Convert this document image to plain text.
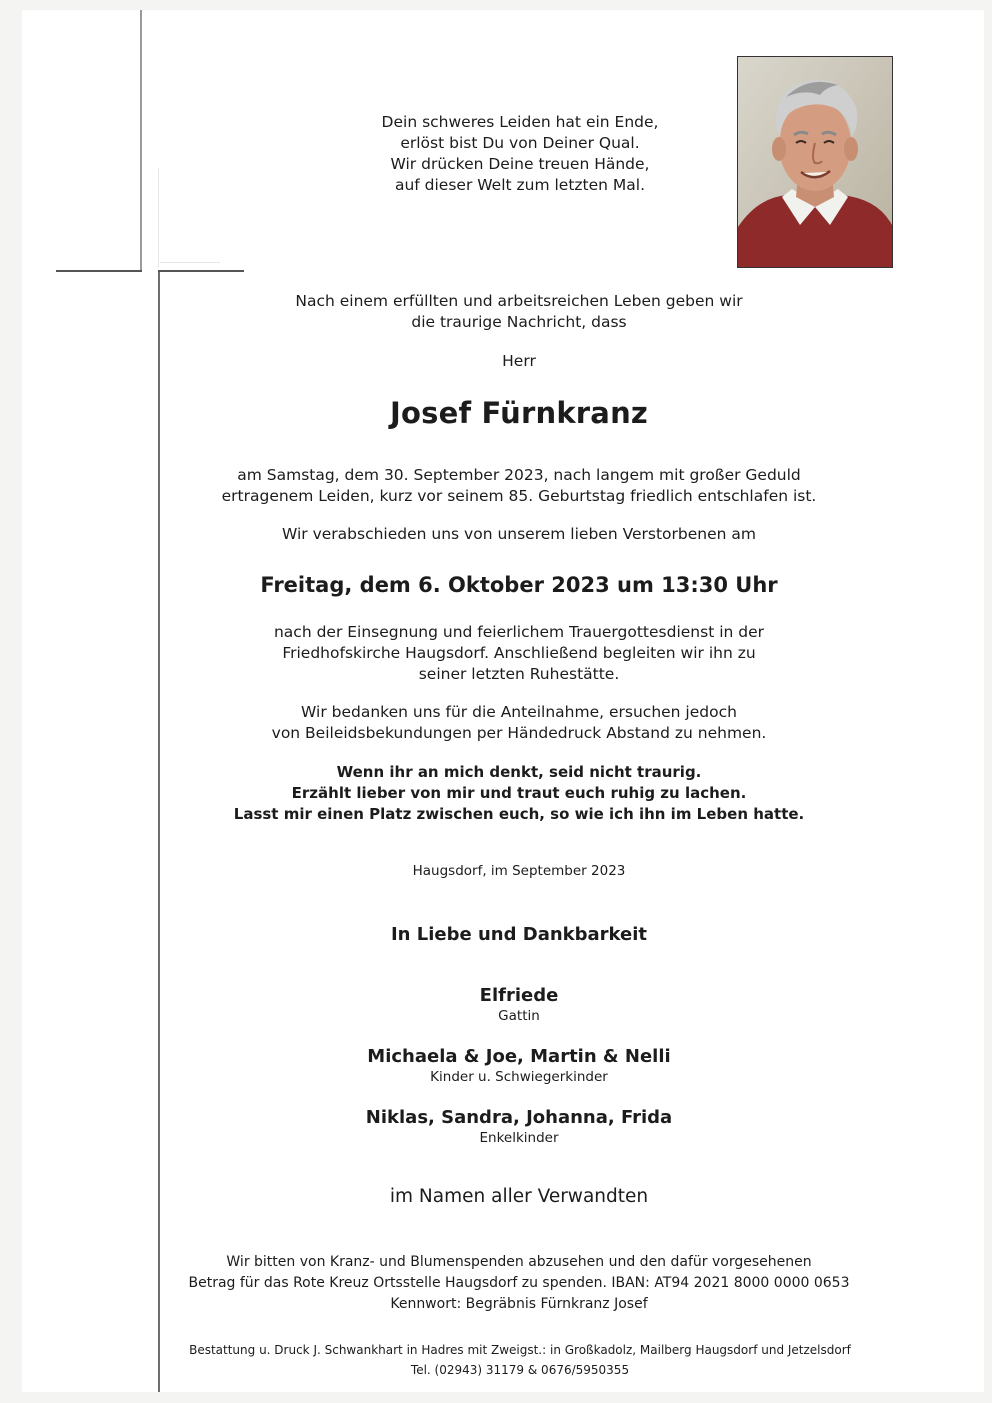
Dein schweres Leiden hat ein Ende,
erlöst bist Du von Deiner Qual.
Wir drücken Deine treuen Hände,
auf dieser Welt zum letzten Mal.
Nach einem erfüllten und arbeitsreichen Leben geben wir
die traurige Nachricht, dass
Herr
Josef Fürnkranz
am Samstag, dem 30. September 2023, nach langem mit großer Geduld
ertragenem Leiden, kurz vor seinem 85. Geburtstag friedlich entschlafen ist.
Wir verabschieden uns von unserem lieben Verstorbenen am
Freitag, dem 6. Oktober 2023 um 13:30 Uhr
nach der Einsegnung und feierlichem Trauergottesdienst in der
Friedhofskirche Haugsdorf. Anschließend begleiten wir ihn zu
seiner letzten Ruhestätte.
Wir bedanken uns für die Anteilnahme, ersuchen jedoch
von Beileidsbekundungen per Händedruck Abstand zu nehmen.
Wenn ihr an mich denkt, seid nicht traurig.
Erzählt lieber von mir und traut euch ruhig zu lachen.
Lasst mir einen Platz zwischen euch, so wie ich ihn im Leben hatte.
Haugsdorf, im September 2023
In Liebe und Dankbarkeit
Elfriede
Gattin
Michaela & Joe, Martin & Nelli
Kinder u. Schwiegerkinder
Niklas, Sandra, Johanna, Frida
Enkelkinder
im Namen aller Verwandten
Wir bitten von Kranz- und Blumenspenden abzusehen und den dafür vorgesehenen
Betrag für das Rote Kreuz Ortsstelle Haugsdorf zu spenden. IBAN: AT94 2021 8000 0000 0653
Kennwort: Begräbnis Fürnkranz Josef
Bestattung u. Druck J. Schwankhart in Hadres mit Zweigst.: in Großkadolz, Mailberg Haugsdorf und Jetzelsdorf
Tel. (02943) 31179 & 0676/5950355
